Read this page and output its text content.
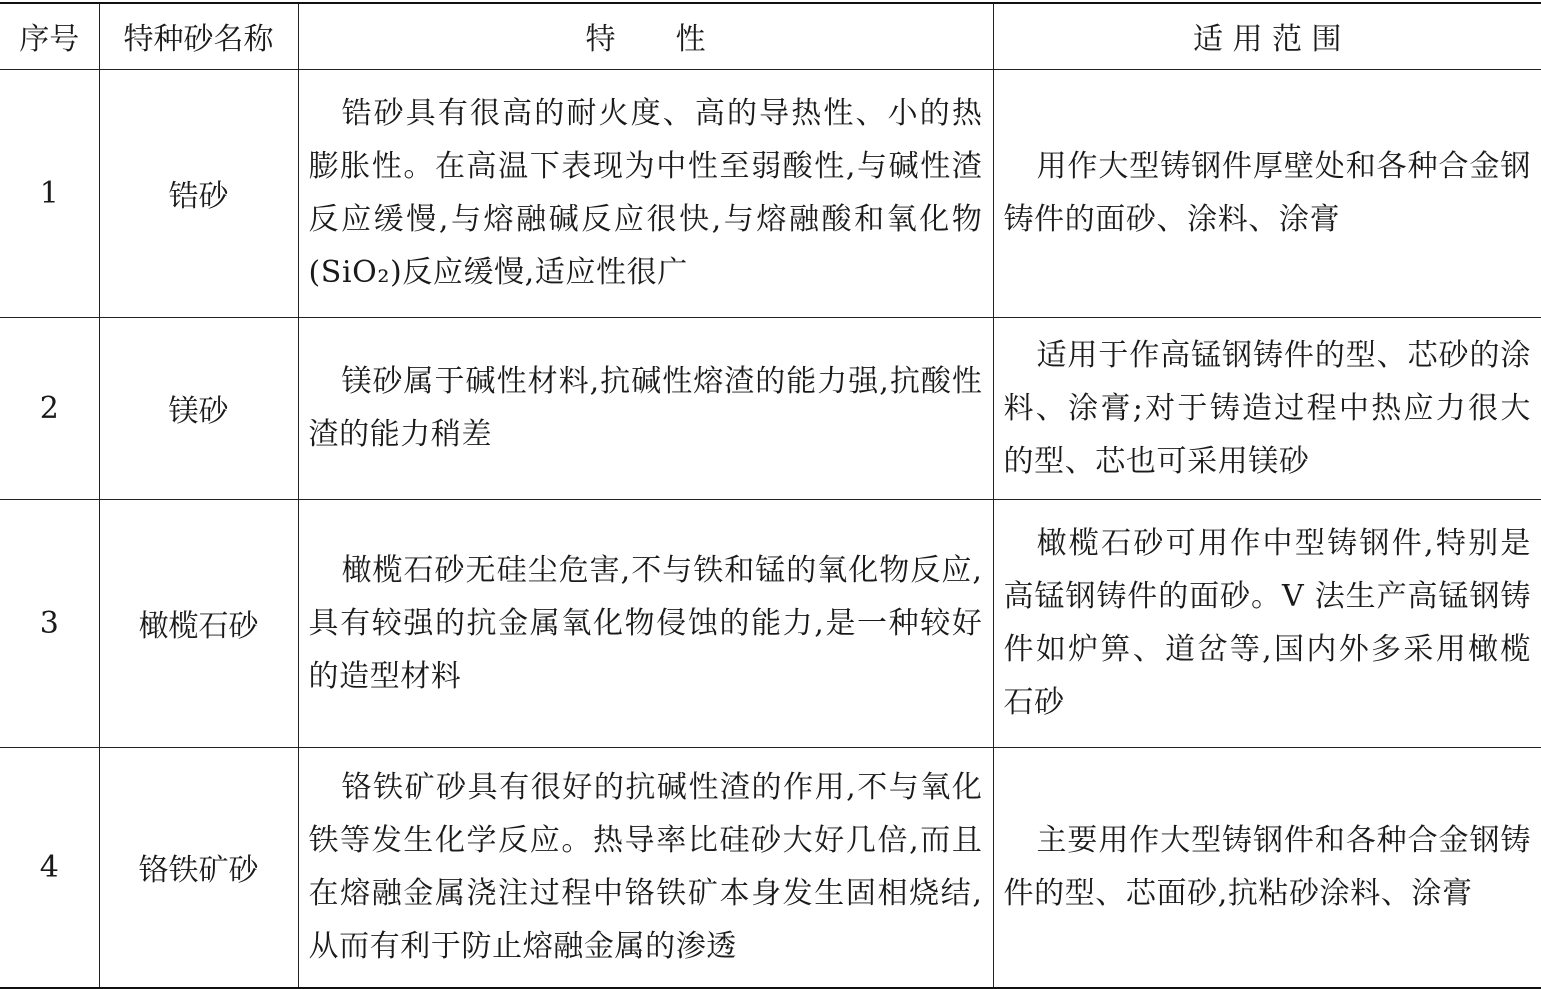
序号	特种砂名称	特　　性	适 用 范 围
1	锆砂	锆砂具有很高的耐火度、高的导热性、小的热膨胀性。在高温下表现为中性至弱酸性,与碱性渣反应缓慢,与熔融碱反应很快,与熔融酸和氧化物(SiO₂)反应缓慢,适应性很广	用作大型铸钢件厚壁处和各种合金钢铸件的面砂、涂料、涂膏
2	镁砂	镁砂属于碱性材料,抗碱性熔渣的能力强,抗酸性渣的能力稍差	适用于作高锰钢铸件的型、芯砂的涂料、涂膏;对于铸造过程中热应力很大的型、芯也可采用镁砂
3	橄榄石砂	橄榄石砂无硅尘危害,不与铁和锰的氧化物反应,具有较强的抗金属氧化物侵蚀的能力,是一种较好的造型材料	橄榄石砂可用作中型铸钢件,特别是高锰钢铸件的面砂。V 法生产高锰钢铸件如炉箅、道岔等,国内外多采用橄榄石砂
4	铬铁矿砂	铬铁矿砂具有很好的抗碱性渣的作用,不与氧化铁等发生化学反应。热导率比硅砂大好几倍,而且在熔融金属浇注过程中铬铁矿本身发生固相烧结,从而有利于防止熔融金属的渗透	主要用作大型铸钢件和各种合金钢铸件的型、芯面砂,抗粘砂涂料、涂膏
